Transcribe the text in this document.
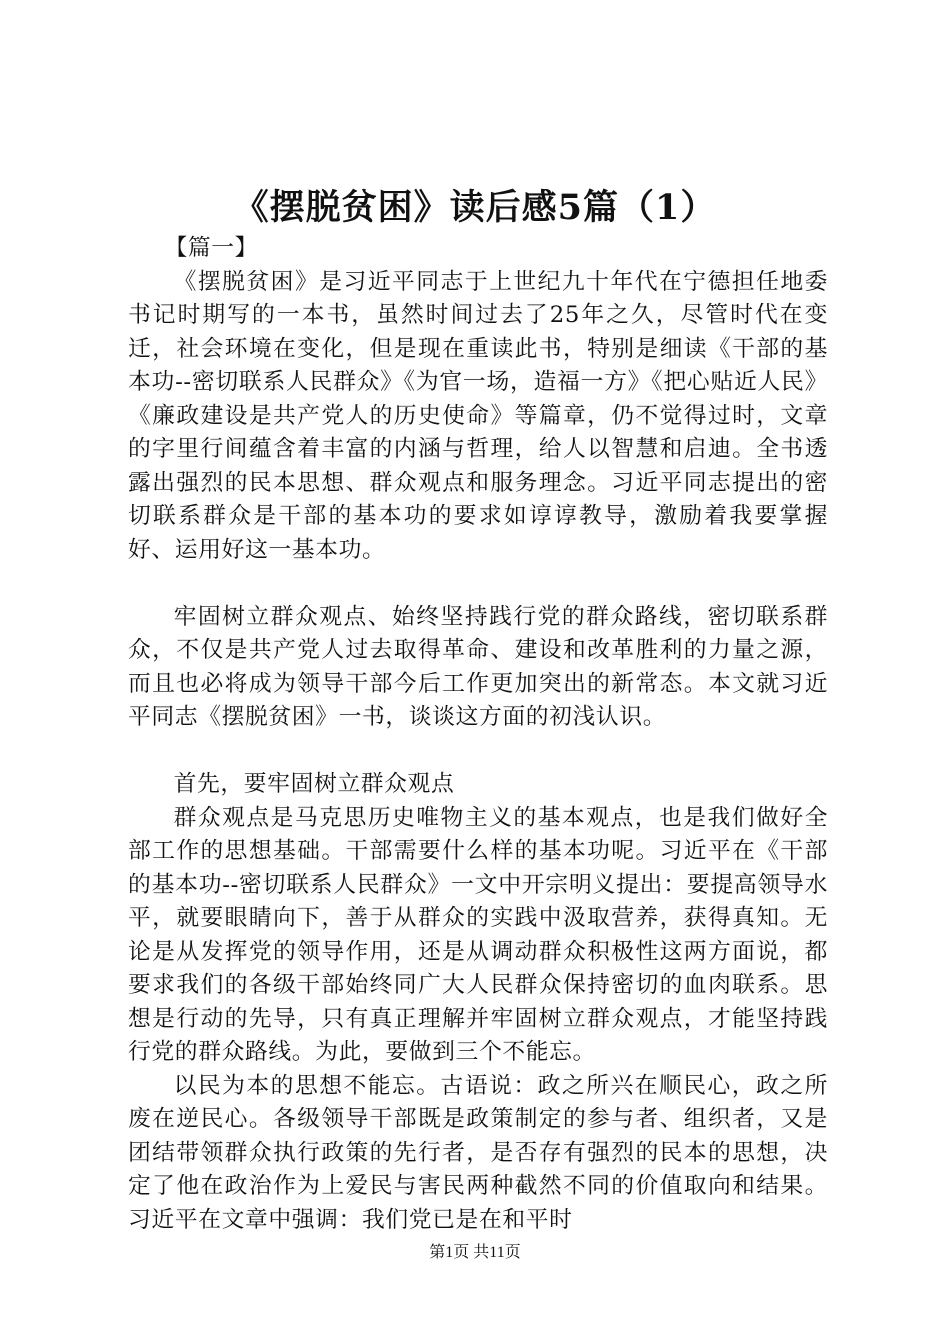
《摆脱贫困》读后感5篇（1）

【篇一】

《摆脱贫困》是习近平同志于上世纪九十年代在宁德担任地委书记时期写的一本书，虽然时间过去了25年之久，尽管时代在变迁，社会环境在变化，但是现在重读此书，特别是细读《干部的基本功--密切联系人民群众》《为官一场，造福一方》《把心贴近人民》《廉政建设是共产党人的历史使命》等篇章，仍不觉得过时，文章的字里行间蕴含着丰富的内涵与哲理，给人以智慧和启迪。全书透露出强烈的民本思想、群众观点和服务理念。习近平同志提出的密切联系群众是干部的基本功的要求如谆谆教导，激励着我要掌握好、运用好这一基本功。

牢固树立群众观点、始终坚持践行党的群众路线，密切联系群众，不仅是共产党人过去取得革命、建设和改革胜利的力量之源，而且也必将成为领导干部今后工作更加突出的新常态。本文就习近平同志《摆脱贫困》一书，谈谈这方面的初浅认识。

首先，要牢固树立群众观点

群众观点是马克思历史唯物主义的基本观点，也是我们做好全部工作的思想基础。干部需要什么样的基本功呢。习近平在《干部的基本功--密切联系人民群众》一文中开宗明义提出：要提高领导水平，就要眼睛向下，善于从群众的实践中汲取营养，获得真知。无论是从发挥党的领导作用，还是从调动群众积极性这两方面说，都要求我们的各级干部始终同广大人民群众保持密切的血肉联系。思想是行动的先导，只有真正理解并牢固树立群众观点，才能坚持践行党的群众路线。为此，要做到三个不能忘。

以民为本的思想不能忘。古语说：政之所兴在顺民心，政之所废在逆民心。各级领导干部既是政策制定的参与者、组织者，又是团结带领群众执行政策的先行者，是否存有强烈的民本的思想，决定了他在政治作为上爱民与害民两种截然不同的价值取向和结果。习近平在文章中强调：我们党已是在和平时

第1页 共11页
